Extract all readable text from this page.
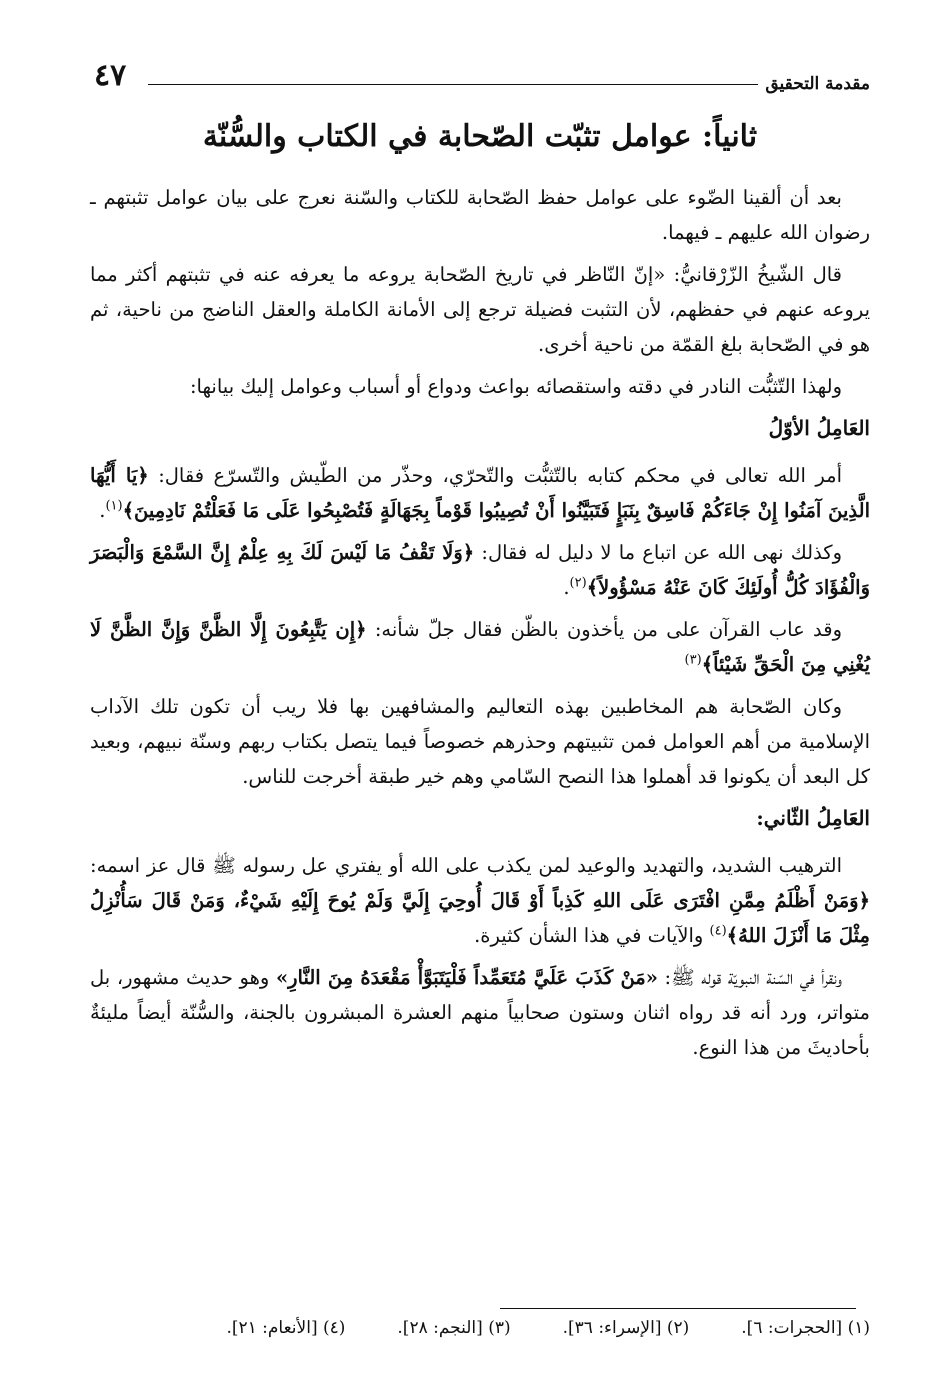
٤٧	مقدمة التحقيق
ثانياً: عوامل تثبّت الصّحابة في الكتاب والسُّنّة

بعد أن ألقينا الضّوء على عوامل حفظ الصّحابة للكتاب والسّنة نعرج على بيان عوامل تثبتهم ـ رضوان الله عليهم ـ فيهما.

قال الشّيخُ الزّرْقانيُّ: «إنّ النّاظر في تاريخ الصّحابة يروعه ما يعرفه عنه في تثبتهم أكثر مما يروعه عنهم في حفظهم، لأن التثبت فضيلة ترجع إلى الأمانة الكاملة والعقل الناضج من ناحية، ثم هو في الصّحابة بلغ القمّة من ناحية أخرى.

ولهذا التّثبُّت النادر في دقته واستقصائه بواعث ودواع أو أسباب وعوامل إليك بيانها:

العَامِلُ الأوّلُ

أمر الله تعالى في محكم كتابه بالتّثبُّت والتّحرّي، وحذّر من الطّيش والتّسرّع فقال: ﴿يَا أَيُّهَا الَّذِينَ آمَنُوا إِنْ جَاءَكُمْ فَاسِقٌ بِنَبَإٍ فَتَبَيَّنُوا أَنْ تُصِيبُوا قَوْماً بِجَهَالَةٍ فَتُصْبِحُوا عَلَى مَا فَعَلْتُمْ نَادِمِينَ﴾$^{(١)}$.

وكذلك نهى الله عن اتباع ما لا دليل له فقال: ﴿وَلَا تَقْفُ مَا لَيْسَ لَكَ بِهِ عِلْمٌ إِنَّ السَّمْعَ وَالْبَصَرَ وَالْفُؤَادَ كُلُّ أُولَئِكَ كَانَ عَنْهُ مَسْؤُولاً﴾$^{(٢)}$.

وقد عاب القرآن على من يأخذون بالظّن فقال جلّ شأنه: ﴿إِن يَتَّبِعُونَ إِلَّا الظَّنَّ وَإِنَّ الظَّنَّ لَا يُغْنِي مِنَ الْحَقِّ شَيْئاً﴾$^{(٣)}$

وكان الصّحابة هم المخاطبين بهذه التعاليم والمشافهين بها فلا ريب أن تكون تلك الآداب الإسلامية من أهم العوامل فمن تثبيتهم وحذرهم خصوصاً فيما يتصل بكتاب ربهم وسنّة نبيهم، وبعيد كل البعد أن يكونوا قد أهملوا هذا النصح السّامي وهم خير طبقة أخرجت للناس.

العَامِلُ الثّاني:

الترهيب الشديد، والتهديد والوعيد لمن يكذب على الله أو يفتري عل رسوله ﷺ قال عز اسمه: ﴿وَمَنْ أَظْلَمُ مِمَّنِ افْتَرَى عَلَى اللهِ كَذِباً أَوْ قَالَ أُوحِيَ إِلَيَّ وَلَمْ يُوحَ إِلَيْهِ شَيْءٌ، وَمَنْ قَالَ سَأُنْزِلُ مِثْلَ مَا أَنْزَلَ اللهُ﴾$^{(٤)}$ والآيات في هذا الشأن كثيرة.

ونقرأ في السّنة النبويّة قوله ﷺ: «مَنْ كَذَبَ عَلَيَّ مُتَعَمِّداً فَلْيَتَبَوَّأْ مَقْعَدَهُ مِنَ النَّارِ» وهو حديث مشهور، بل متواتر، ورد أنه قد رواه اثنان وستون صحابياً منهم العشرة المبشرون بالجنة، والسُّنّة أيضاً مليئةٌ بأحاديثَ من هذا النوع.

(١) [الحجرات: ٦].
(٢) [الإسراء: ٣٦].
(٣) [النجم: ٢٨].
(٤) [الأنعام: ٢١].
